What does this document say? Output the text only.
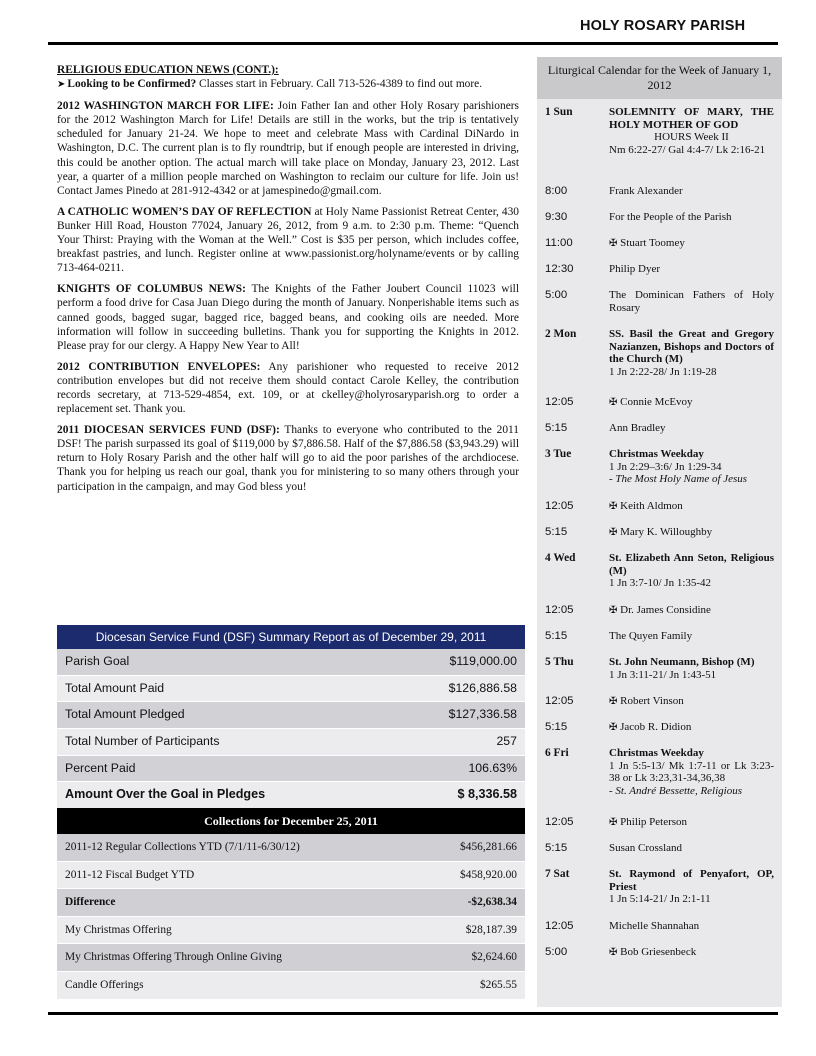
HOLY ROSARY PARISH

RELIGIOUS EDUCATION NEWS (CONT.):

➤ Looking to be Confirmed? Classes start in February. Call 713-526-4389 to find out more.

2012 WASHINGTON MARCH FOR LIFE: Join Father Ian and other Holy Rosary parishioners for the 2012 Washington March for Life! Details are still in the works, but the trip is tentatively scheduled for January 21-24. We hope to meet and celebrate Mass with Cardinal DiNardo in Washington, D.C. The current plan is to fly roundtrip, but if enough people are interested in driving, this could be another option. The actual march will take place on Monday, January 23, 2012. Last year, a quarter of a million people marched on Washington to reclaim our culture for life. Join us! Contact James Pinedo at 281-912-4342 or at jamespinedo@gmail.com.

A CATHOLIC WOMEN’S DAY OF REFLECTION at Holy Name Passionist Retreat Center, 430 Bunker Hill Road, Houston 77024, January 26, 2012, from 9 a.m. to 2:30 p.m. Theme: “Quench Your Thirst: Praying with the Woman at the Well.” Cost is $35 per person, which includes coffee, breakfast pastries, and lunch. Register online at www.passionist.org/holyname/events or by calling 713-464-0211.

KNIGHTS OF COLUMBUS NEWS: The Knights of the Father Joubert Council 11023 will perform a food drive for Casa Juan Diego during the month of January. Nonperishable items such as canned goods, bagged sugar, bagged rice, bagged beans, and cooking oils are needed. More information will follow in succeeding bulletins. Thank you for supporting the Knights in 2012. Please pray for our clergy. A Happy New Year to All!

2012 CONTRIBUTION ENVELOPES: Any parishioner who requested to receive 2012 contribution envelopes but did not receive them should contact Carole Kelley, the contribution records secretary, at 713-529-4854, ext. 109, or at ckelley@holyrosaryparish.org to order a replacement set. Thank you.

2011 DIOCESAN SERVICES FUND (DSF): Thanks to everyone who contributed to the 2011 DSF! The parish surpassed its goal of $119,000 by $7,886.58. Half of the $7,886.58 ($3,943.29) will return to Holy Rosary Parish and the other half will go to aid the poor parishes of the archdiocese. Thank you for helping us reach our goal, thank you for ministering to so many others through your participation in the campaign, and may God bless you!

Diocesan Service Fund (DSF) Summary Report as of December 29, 2011
Parish Goal	$119,000.00
Total Amount Paid	$126,886.58
Total Amount Pledged	$127,336.58
Total Number of Participants	257
Percent Paid	106.63%
Amount Over the Goal in Pledges	$ 8,336.58
Collections for December 25, 2011
2011-12 Regular Collections YTD (7/1/11-6/30/12)	$456,281.66
2011-12 Fiscal Budget YTD	$458,920.00
Difference	-$2,638.34
My Christmas Offering	$28,187.39
My Christmas Offering Through Online Giving	$2,624.60
Candle Offerings	$265.55
Liturgical Calendar for the Week of January 1, 2012
1 Sun	SOLEMNITY OF MARY, THE HOLY MOTHER OF GOD
HOURS Week II
Nm 6:22-27/ Gal 4:4-7/ Lk 2:16-21
8:00	Frank Alexander
9:30	For the People of the Parish
11:00	✠ Stuart Toomey
12:30	Philip Dyer
5:00	The Dominican Fathers of Holy Rosary
2 Mon	SS. Basil the Great and Gregory Nazianzen, Bishops and Doctors of the Church (M)
1 Jn 2:22-28/ Jn 1:19-28
12:05	✠ Connie McEvoy
5:15	Ann Bradley
3 Tue	Christmas Weekday
1 Jn 2:29–3:6/ Jn 1:29-34
- The Most Holy Name of Jesus
12:05	✠ Keith Aldmon
5:15	✠ Mary K. Willoughby
4 Wed	St. Elizabeth Ann Seton, Religious (M)
1 Jn 3:7-10/ Jn 1:35-42
12:05	✠ Dr. James Considine
5:15	The Quyen Family
5 Thu	St. John Neumann, Bishop (M)
1 Jn 3:11-21/ Jn 1:43-51
12:05	✠ Robert Vinson
5:15	✠ Jacob R. Didion
6 Fri	Christmas Weekday
1 Jn 5:5-13/ Mk 1:7-11 or Lk 3:23-38 or Lk 3:23,31-34,36,38
- St. André Bessette, Religious
12:05	✠ Philip Peterson
5:15	Susan Crossland
7 Sat	St. Raymond of Penyafort, OP, Priest
1 Jn 5:14-21/ Jn 2:1-11
12:05	Michelle Shannahan
5:00	✠ Bob Griesenbeck
